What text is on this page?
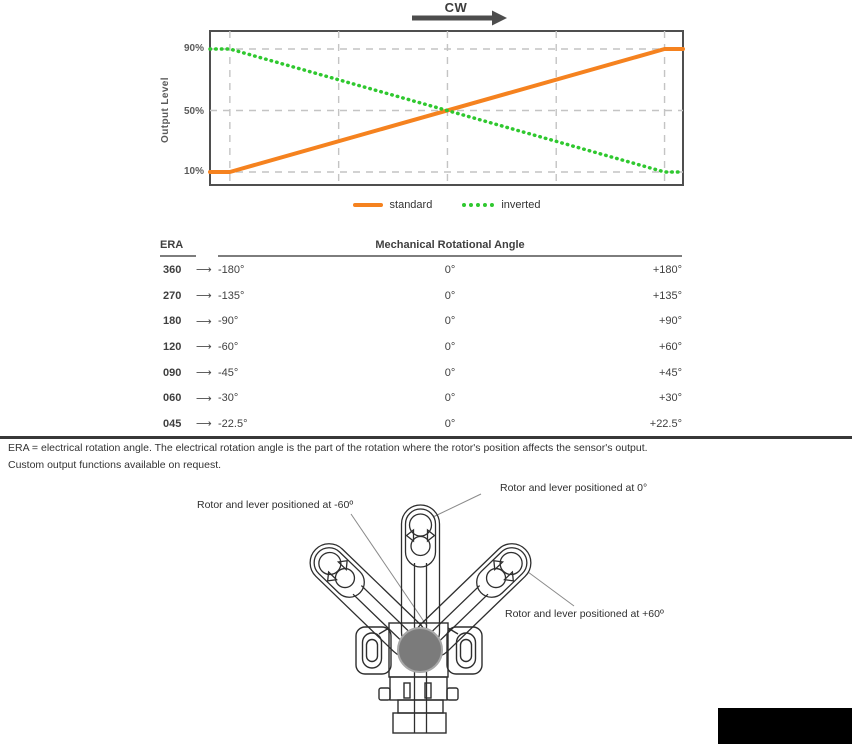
CW
90%
50%
10%
Output Level
standard	inverted
ERA	Mechanical Rotational Angle
360	⟶ -180°	0°	+180°
270	⟶ -135°	0°	+135°
180	⟶ -90°	0°	+90°
120	⟶ -60°	0°	+60°
090	⟶ -45°	0°	+45°
060	⟶ -30°	0°	+30°
045	⟶ -22.5°	0°	+22.5°
ERA = electrical rotation angle. The electrical rotation angle is the part of the rotation where the rotor's position affects the sensor's output.
Custom output functions available on request.
Rotor and lever positioned at 0°
Rotor and lever positioned at -60º
Rotor and lever positioned at +60º
